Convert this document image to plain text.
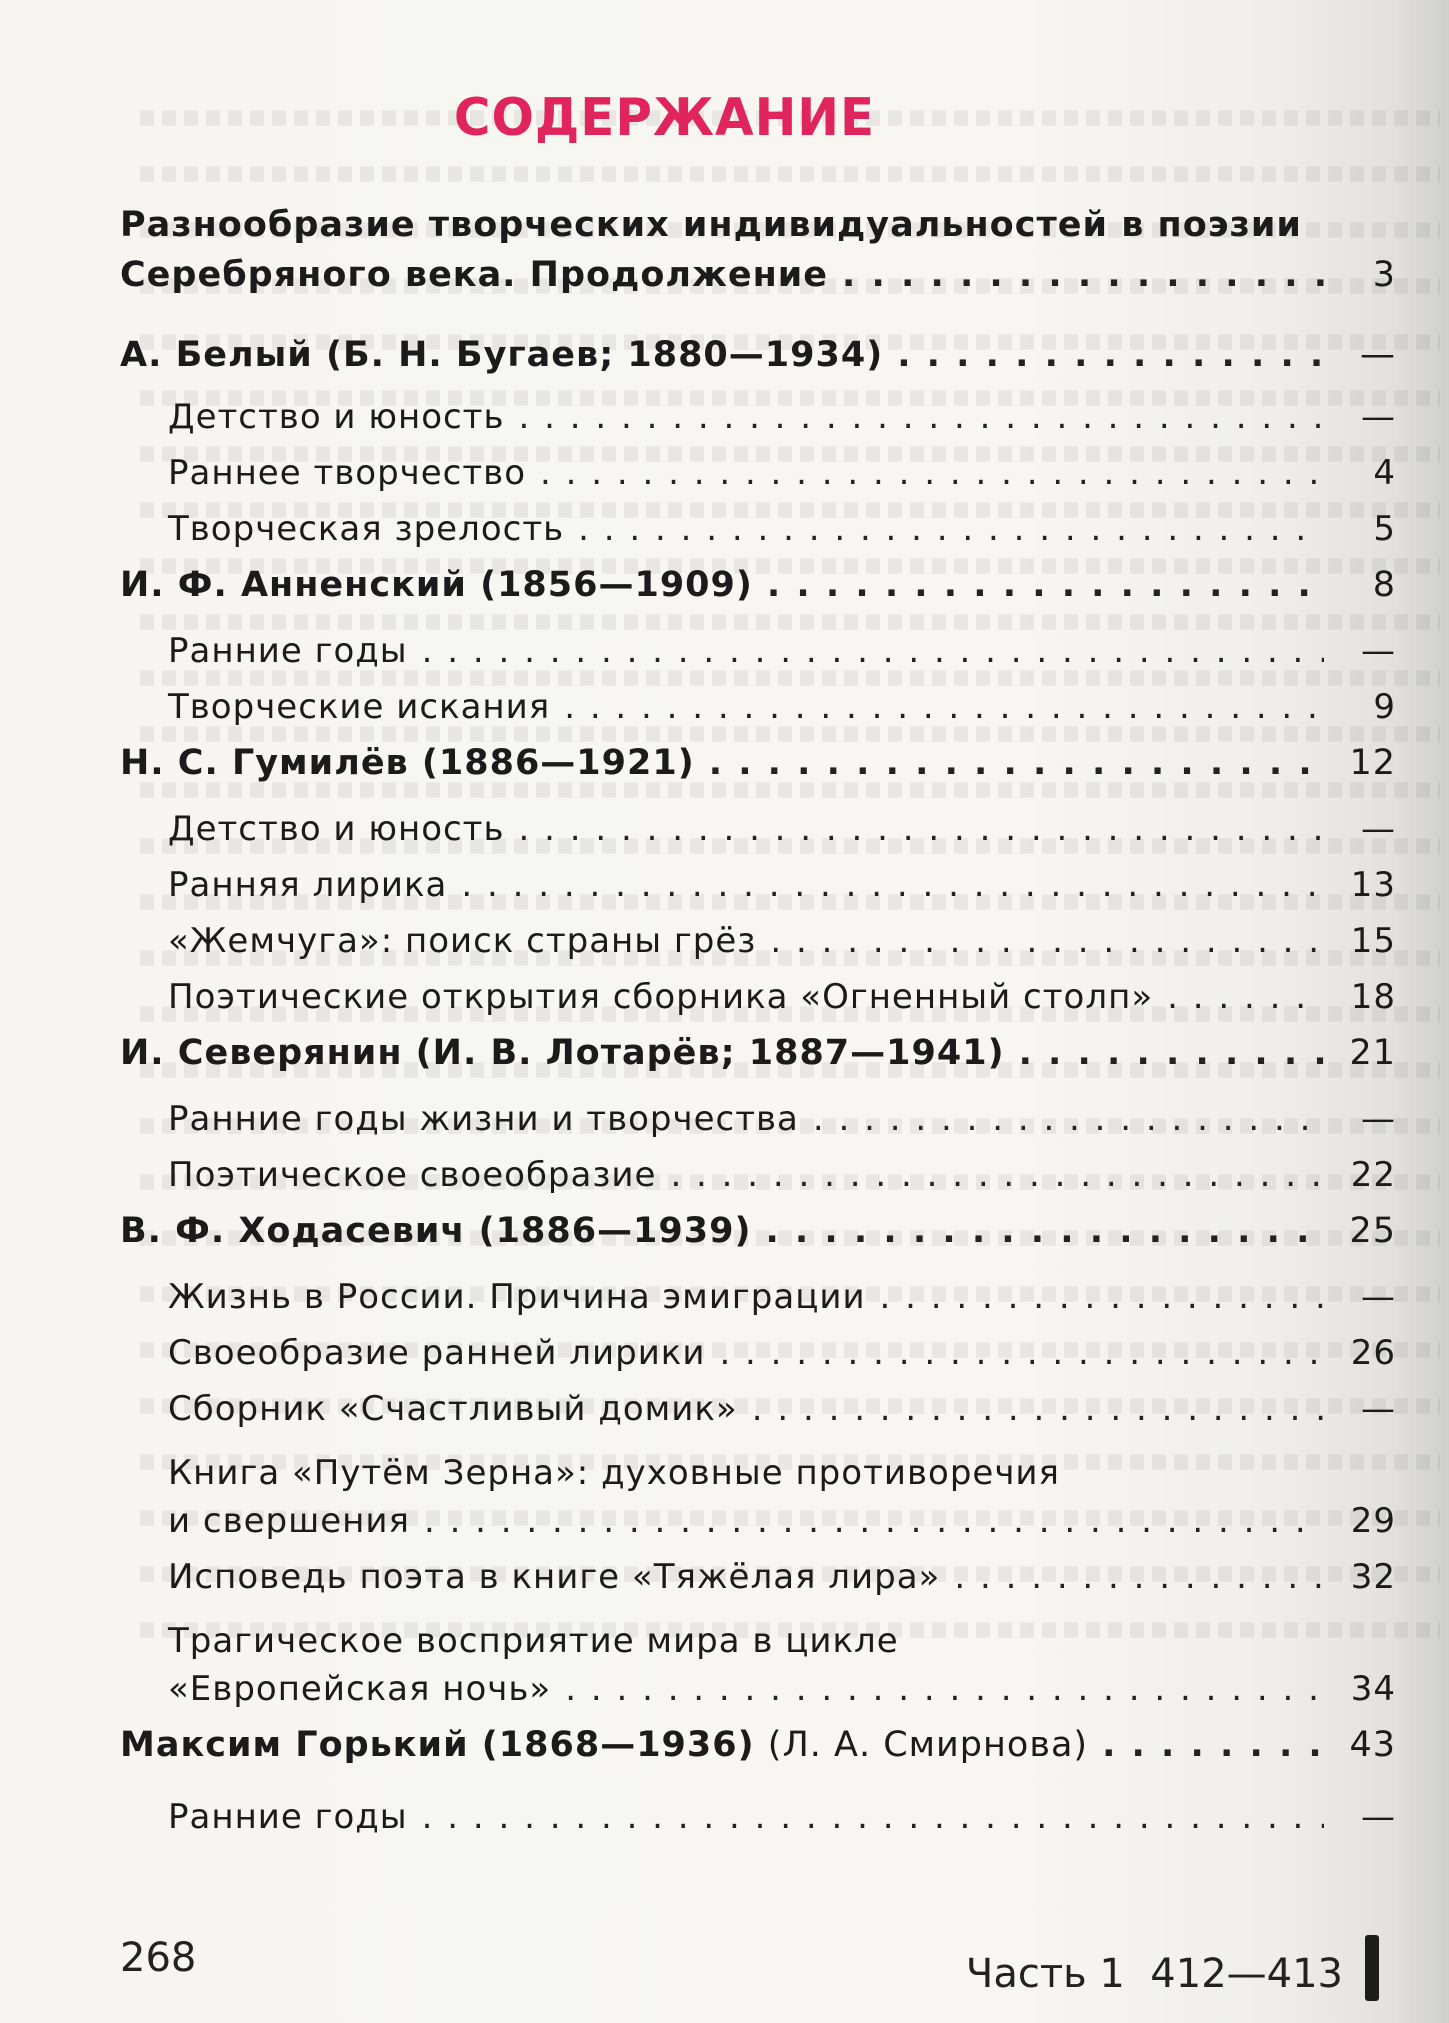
СОДЕРЖАНИЕ
Разнообразие творческих индивидуальностей в поэзии
Серебряного века. Продолжение . . .	3
А. Белый (Б. Н. Бугаев; 1880—1934) . . .	—
Детство и юность . . .	—
Раннее творчество . . .	4
Творческая зрелость . . .	5
И. Ф. Анненский (1856—1909) . . .	8
Ранние годы . . .	—
Творческие искания . . .	9
Н. С. Гумилёв (1886—1921) . . .	12
Детство и юность . . .	—
Ранняя лирика . . .	13
«Жемчуга»: поиск страны грёз . . .	15
Поэтические открытия сборника «Огненный столп» . . .	18
И. Северянин (И. В. Лотарёв; 1887—1941) . . .	21
Ранние годы жизни и творчества . . .	—
Поэтическое своеобразие . . .	22
В. Ф. Ходасевич (1886—1939) . . .	25
Жизнь в России. Причина эмиграции . . .	—
Своеобразие ранней лирики . . .	26
Сборник «Счастливый домик» . . .	—
Книга «Путём Зерна»: духовные противоречия
и свершения . . .	29
Исповедь поэта в книге «Тяжёлая лира» . . .	32
Трагическое восприятие мира в цикле
«Европейская ночь» . . .	34
Максим Горький (1868—1936) (Л. А. Смирнова) . . .	43
Ранние годы . . .	—
268	Часть 1 412—413
